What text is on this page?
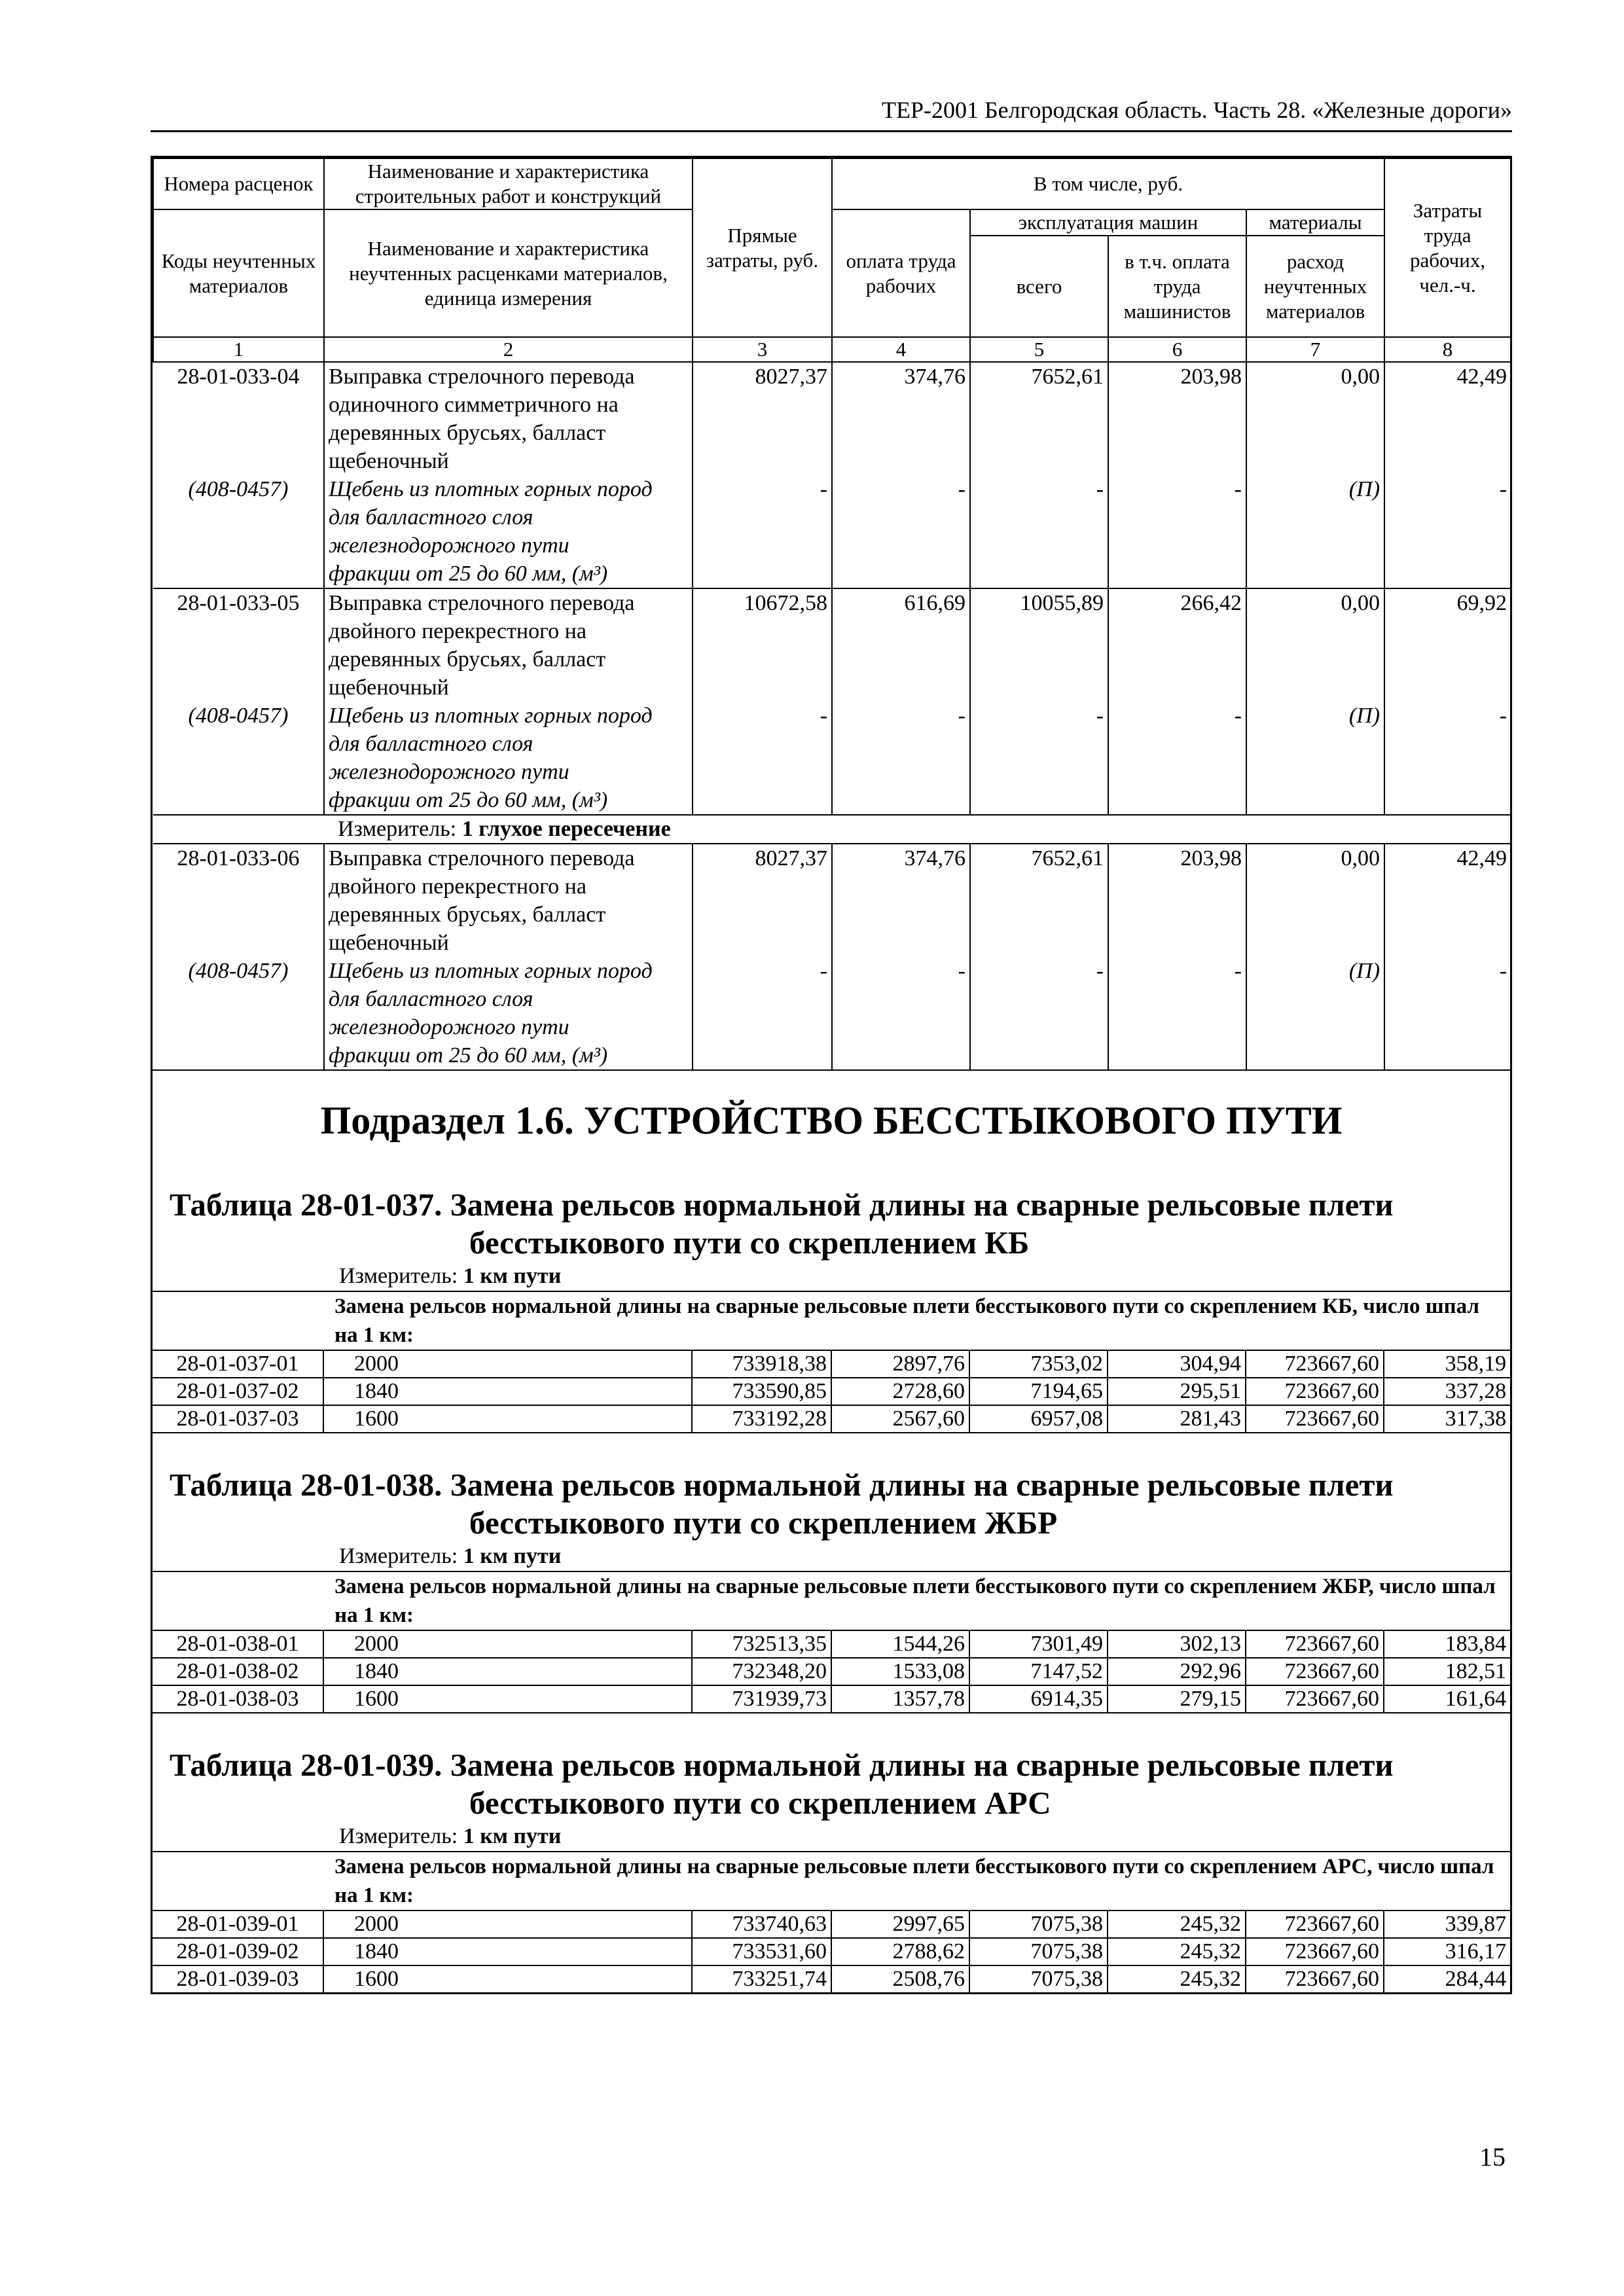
ТЕР-2001 Белгородская область. Часть 28. «Железные дороги»
Номера расценок	Наименование и характеристика строительных работ и конструкций	Прямые затраты, руб.	В том числе, руб.				Затраты труда рабочих, чел.-ч.
Коды неучтенных материалов	Наименование и характеристика неучтенных расценками материалов, единица измерения		оплата труда рабочих	эксплуатация машин		материалы	
				всего	в т.ч. оплата труда машинистов	расход неучтенных материалов	
1	2	3	4	5	6	7	8
28-01-033-04	Выправка стрелочного перевода
одиночного симметричного на
деревянных брусьях, балласт
щебеночный	8027,37	374,76	7652,61	203,98	0,00	42,49
(408-0457)	Щебень из плотных горных пород
для балластного слоя
железнодорожного пути
фракции от 25 до 60 мм, (м³)	-	-	-	-	(П)	-
28-01-033-05	Выправка стрелочного перевода
двойного перекрестного на
деревянных брусьях, балласт
щебеночный	10672,58	616,69	10055,89	266,42	0,00	69,92
(408-0457)	Щебень из плотных горных пород
для балластного слоя
железнодорожного пути
фракции от 25 до 60 мм, (м³)	-	-	-	-	(П)	-
Измеритель: 1 глухое пересечение							
28-01-033-06	Выправка стрелочного перевода
двойного перекрестного на
деревянных брусьях, балласт
щебеночный	8027,37	374,76	7652,61	203,98	0,00	42,49
(408-0457)	Щебень из плотных горных пород
для балластного слоя
железнодорожного пути
фракции от 25 до 60 мм, (м³)	-	-	-	-	(П)	-
Подраздел 1.6. УСТРОЙСТВО БЕССТЫКОВОГО ПУТИ
Таблица 28-01-037. Замена рельсов нормальной длины на сварные рельсовые плети
бесстыкового пути со скреплением КБ
Измеритель: 1 км пути
Замена рельсов нормальной длины на сварные рельсовые плети бесстыкового пути со скреплением КБ, число шпал на 1 км:							
28-01-037-01	2000	733918,38	2897,76	7353,02	304,94	723667,60	358,19
28-01-037-02	1840	733590,85	2728,60	7194,65	295,51	723667,60	337,28
28-01-037-03	1600	733192,28	2567,60	6957,08	281,43	723667,60	317,38
Таблица 28-01-038. Замена рельсов нормальной длины на сварные рельсовые плети
бесстыкового пути со скреплением ЖБР
Измеритель: 1 км пути
Замена рельсов нормальной длины на сварные рельсовые плети бесстыкового пути со скреплением ЖБР, число шпал на 1 км:							
28-01-038-01	2000	732513,35	1544,26	7301,49	302,13	723667,60	183,84
28-01-038-02	1840	732348,20	1533,08	7147,52	292,96	723667,60	182,51
28-01-038-03	1600	731939,73	1357,78	6914,35	279,15	723667,60	161,64
Таблица 28-01-039. Замена рельсов нормальной длины на сварные рельсовые плети
бесстыкового пути со скреплением АРС
Измеритель: 1 км пути
Замена рельсов нормальной длины на сварные рельсовые плети бесстыкового пути со скреплением АРС, число шпал на 1 км:							
28-01-039-01	2000	733740,63	2997,65	7075,38	245,32	723667,60	339,87
28-01-039-02	1840	733531,60	2788,62	7075,38	245,32	723667,60	316,17
28-01-039-03	1600	733251,74	2508,76	7075,38	245,32	723667,60	284,44
15
